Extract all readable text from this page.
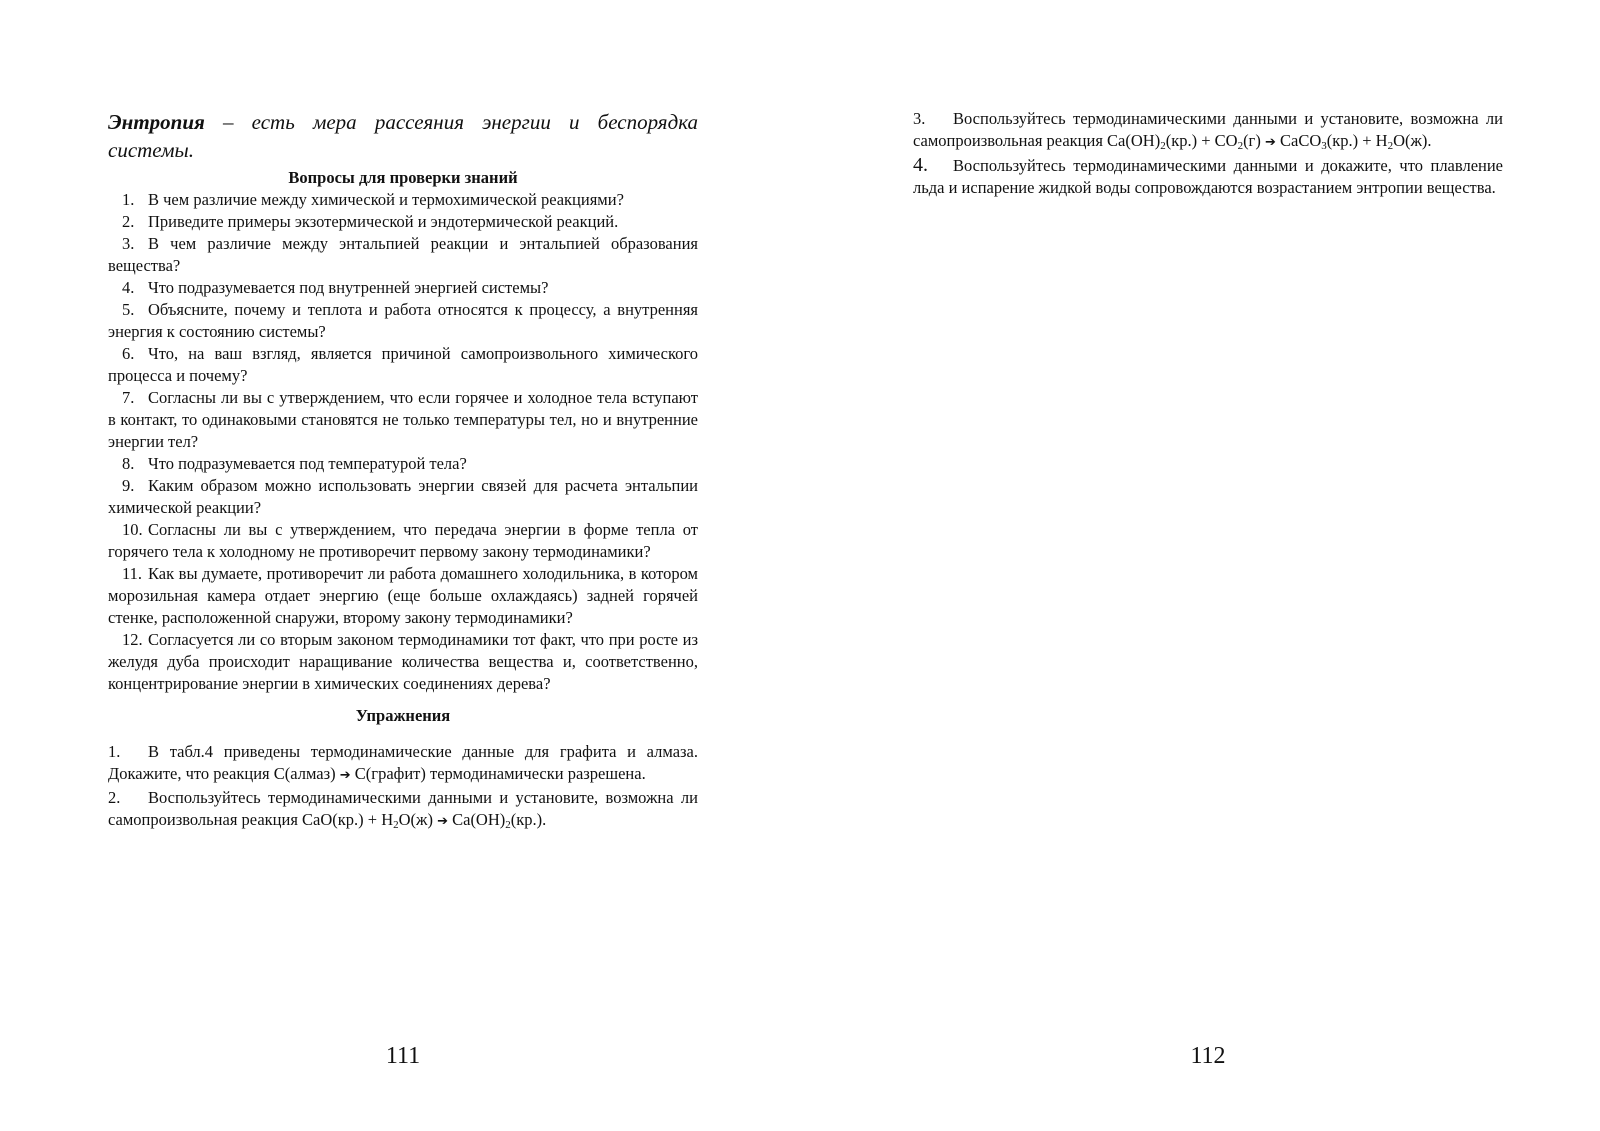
Энтропия – есть мера рассеяния энергии и беспорядка системы.
Вопросы для проверки знаний
1. В чем различие между химической и термохимической реакциями?
2. Приведите примеры экзотермической и эндотермической реакций.
3. В чем различие между энтальпией реакции и энтальпией образования вещества?
4. Что подразумевается под внутренней энергией системы?
5. Объясните, почему и теплота и работа относятся к процессу, а внутренняя энергия к состоянию системы?
6. Что, на ваш взгляд, является причиной самопроизвольного химического процесса и почему?
7. Согласны ли вы с утверждением, что если горячее и холодное тела вступают в контакт, то одинаковыми становятся не только температуры тел, но и внутренние энергии тел?
8. Что подразумевается под температурой тела?
9. Каким образом можно использовать энергии связей для расчета энтальпии химической реакции?
10. Согласны ли вы с утверждением, что передача энергии в форме тепла от горячего тела к холодному не противоречит первому закону термодинамики?
11. Как вы думаете, противоречит ли работа домашнего холодильника, в котором морозильная камера отдает энергию (еще больше охлаждаясь) задней горячей стенке, расположенной снаружи, второму закону термодинамики?
12. Согласуется ли со вторым законом термодинамики тот факт, что при росте из желудя дуба происходит наращивание количества вещества и, соответственно, концентрирование энергии в химических соединениях дерева?
Упражнения
1. В табл.4 приведены термодинамические данные для графита и алмаза. Докажите, что реакция С(алмаз) ➔ С(графит) термодинамически разрешена.
2. Воспользуйтесь термодинамическими данными и установите, возможна ли самопроизвольная реакция $CaO(кр.) + H_2O(ж)$ ➔ $Ca(OH)_2(кр.)$.
111
3. Воспользуйтесь термодинамическими данными и установите, возможна ли самопроизвольная реакция $Ca(OH)_2(кр.) + CO_2(г)$ ➔ CaCO$_3$(кр.) + $H_2O(ж)$.
4. Воспользуйтесь термодинамическими данными и докажите, что плавление льда и испарение жидкой воды сопровождаются возрастанием энтропии вещества.
112
